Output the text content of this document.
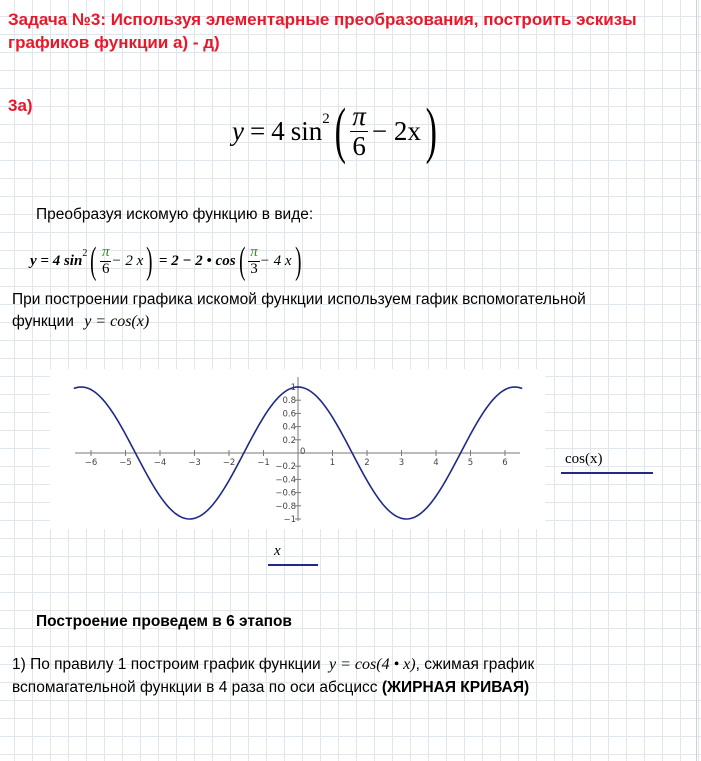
Задача №3: Используя элементарные преобразования, построить эскизы графиков функции а) - д)
3а)
y = 4 $\sin^2$ ( $\frac{\pi}{6} - 2x$ )
Преобразуя искомую функцию в виде:
y = 4 $\sin^2$ ( $\frac{\pi}{6} - 2$ x ) = 2 − 2 • cos ( $\frac{\pi}{3} - 4$ x )
При построении графика искомой функции используем гафик вспомогательной
функции y = cos(x)
−6	−5	−4	−3	−2	−1	1	2	3	4	5	6
0
0.2
0.4
0.6
0.8
1
−0.2
−0.4
−0.6
−0.8
−1
cos(x)
x
Построение проведем в 6 этапов
1) По правилу 1 построим график функции y = cos(4 • x), сжимая график
вспомагательной функции в 4 раза по оси абсцисс (ЖИРНАЯ КРИВАЯ)
